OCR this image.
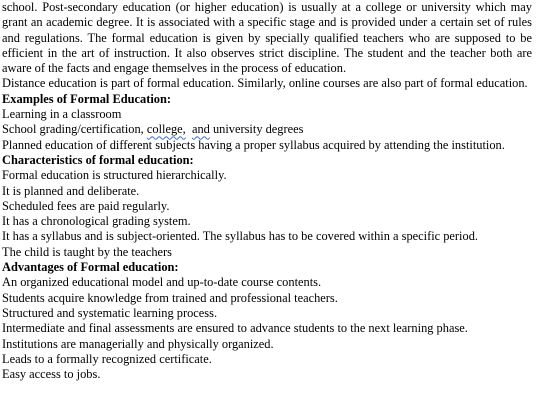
school. Post-secondary education (or higher education) is usually at a college or university which may grant an academic degree. It is associated with a specific stage and is provided under a certain set of rules and regulations. The formal education is given by specially qualified teachers who are supposed to be efficient in the art of instruction. It also observes strict discipline. The student and the teacher both are aware of the facts and engage themselves in the process of education.

Distance education is part of formal education. Similarly, online courses are also part of formal education.

Examples of Formal Education:
Learning in a classroom
School grading/certification, college, and university degrees

Planned education of different subjects having a proper syllabus acquired by attending the institution.

Characteristics of formal education:
Formal education is structured hierarchically.
It is planned and deliberate.
Scheduled fees are paid regularly.
It has a chronological grading system.
It has a syllabus and is subject-oriented. The syllabus has to be covered within a specific period.
The child is taught by the teachers
Advantages of Formal education:
An organized educational model and up-to-date course contents.
Students acquire knowledge from trained and professional teachers.
Structured and systematic learning process.
Intermediate and final assessments are ensured to advance students to the next learning phase.
Institutions are managerially and physically organized.
Leads to a formally recognized certificate.
Easy access to jobs.
